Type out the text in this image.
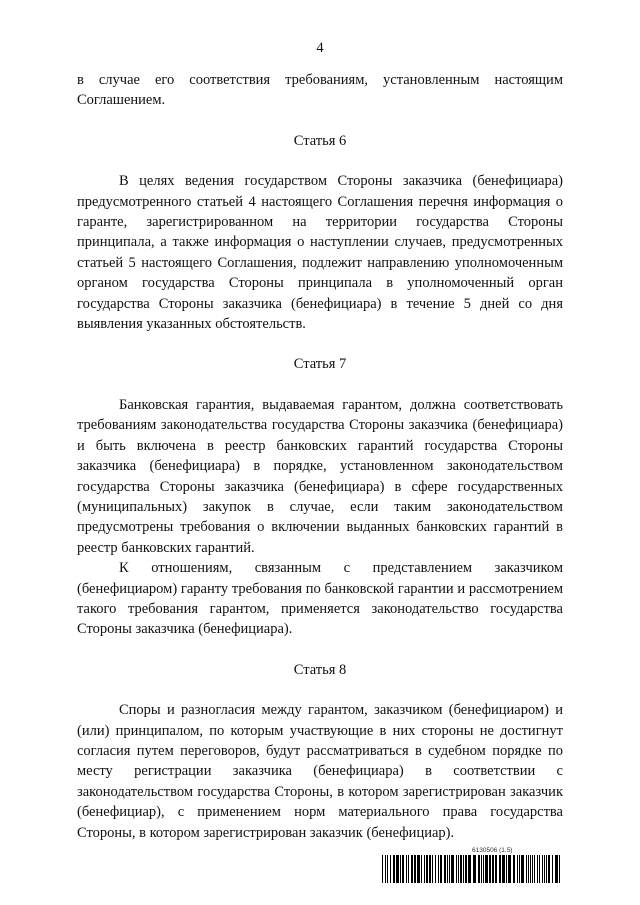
4

в случае его соответствия требованиям, установленным настоящим Соглашением.

Статья 6

В целях ведения государством Стороны заказчика (бенефициара) предусмотренного статьей 4 настоящего Соглашения перечня информация о гаранте, зарегистрированном на территории государства Стороны принципала, а также информация о наступлении случаев, предусмотренных статьей 5 настоящего Соглашения, подлежит направлению уполномоченным органом государства Стороны принципала в уполномоченный орган государства Стороны заказчика (бенефициара) в течение 5 дней со дня выявления указанных обстоятельств.

Статья 7

Банковская гарантия, выдаваемая гарантом, должна соответствовать требованиям законодательства государства Стороны заказчика (бенефициара) и быть включена в реестр банковских гарантий государства Стороны заказчика (бенефициара) в порядке, установленном законодательством государства Стороны заказчика (бенефициара) в сфере государственных (муниципальных) закупок в случае, если таким законодательством предусмотрены требования о включении выданных банковских гарантий в реестр банковских гарантий.

К отношениям, связанным с представлением заказчиком (бенефициаром) гаранту требования по банковской гарантии и рассмотрением такого требования гарантом, применяется законодательство государства Стороны заказчика (бенефициара).

Статья 8

Споры и разногласия между гарантом, заказчиком (бенефициаром) и (или) принципалом, по которым участвующие в них стороны не достигнут согласия путем переговоров, будут рассматриваться в судебном порядке по месту регистрации заказчика (бенефициара) в соответствии с законодательством государства Стороны, в котором зарегистрирован заказчик (бенефициар), с применением норм материального права государства Стороны, в котором зарегистрирован заказчик (бенефициар).

6130506 (1.5)
